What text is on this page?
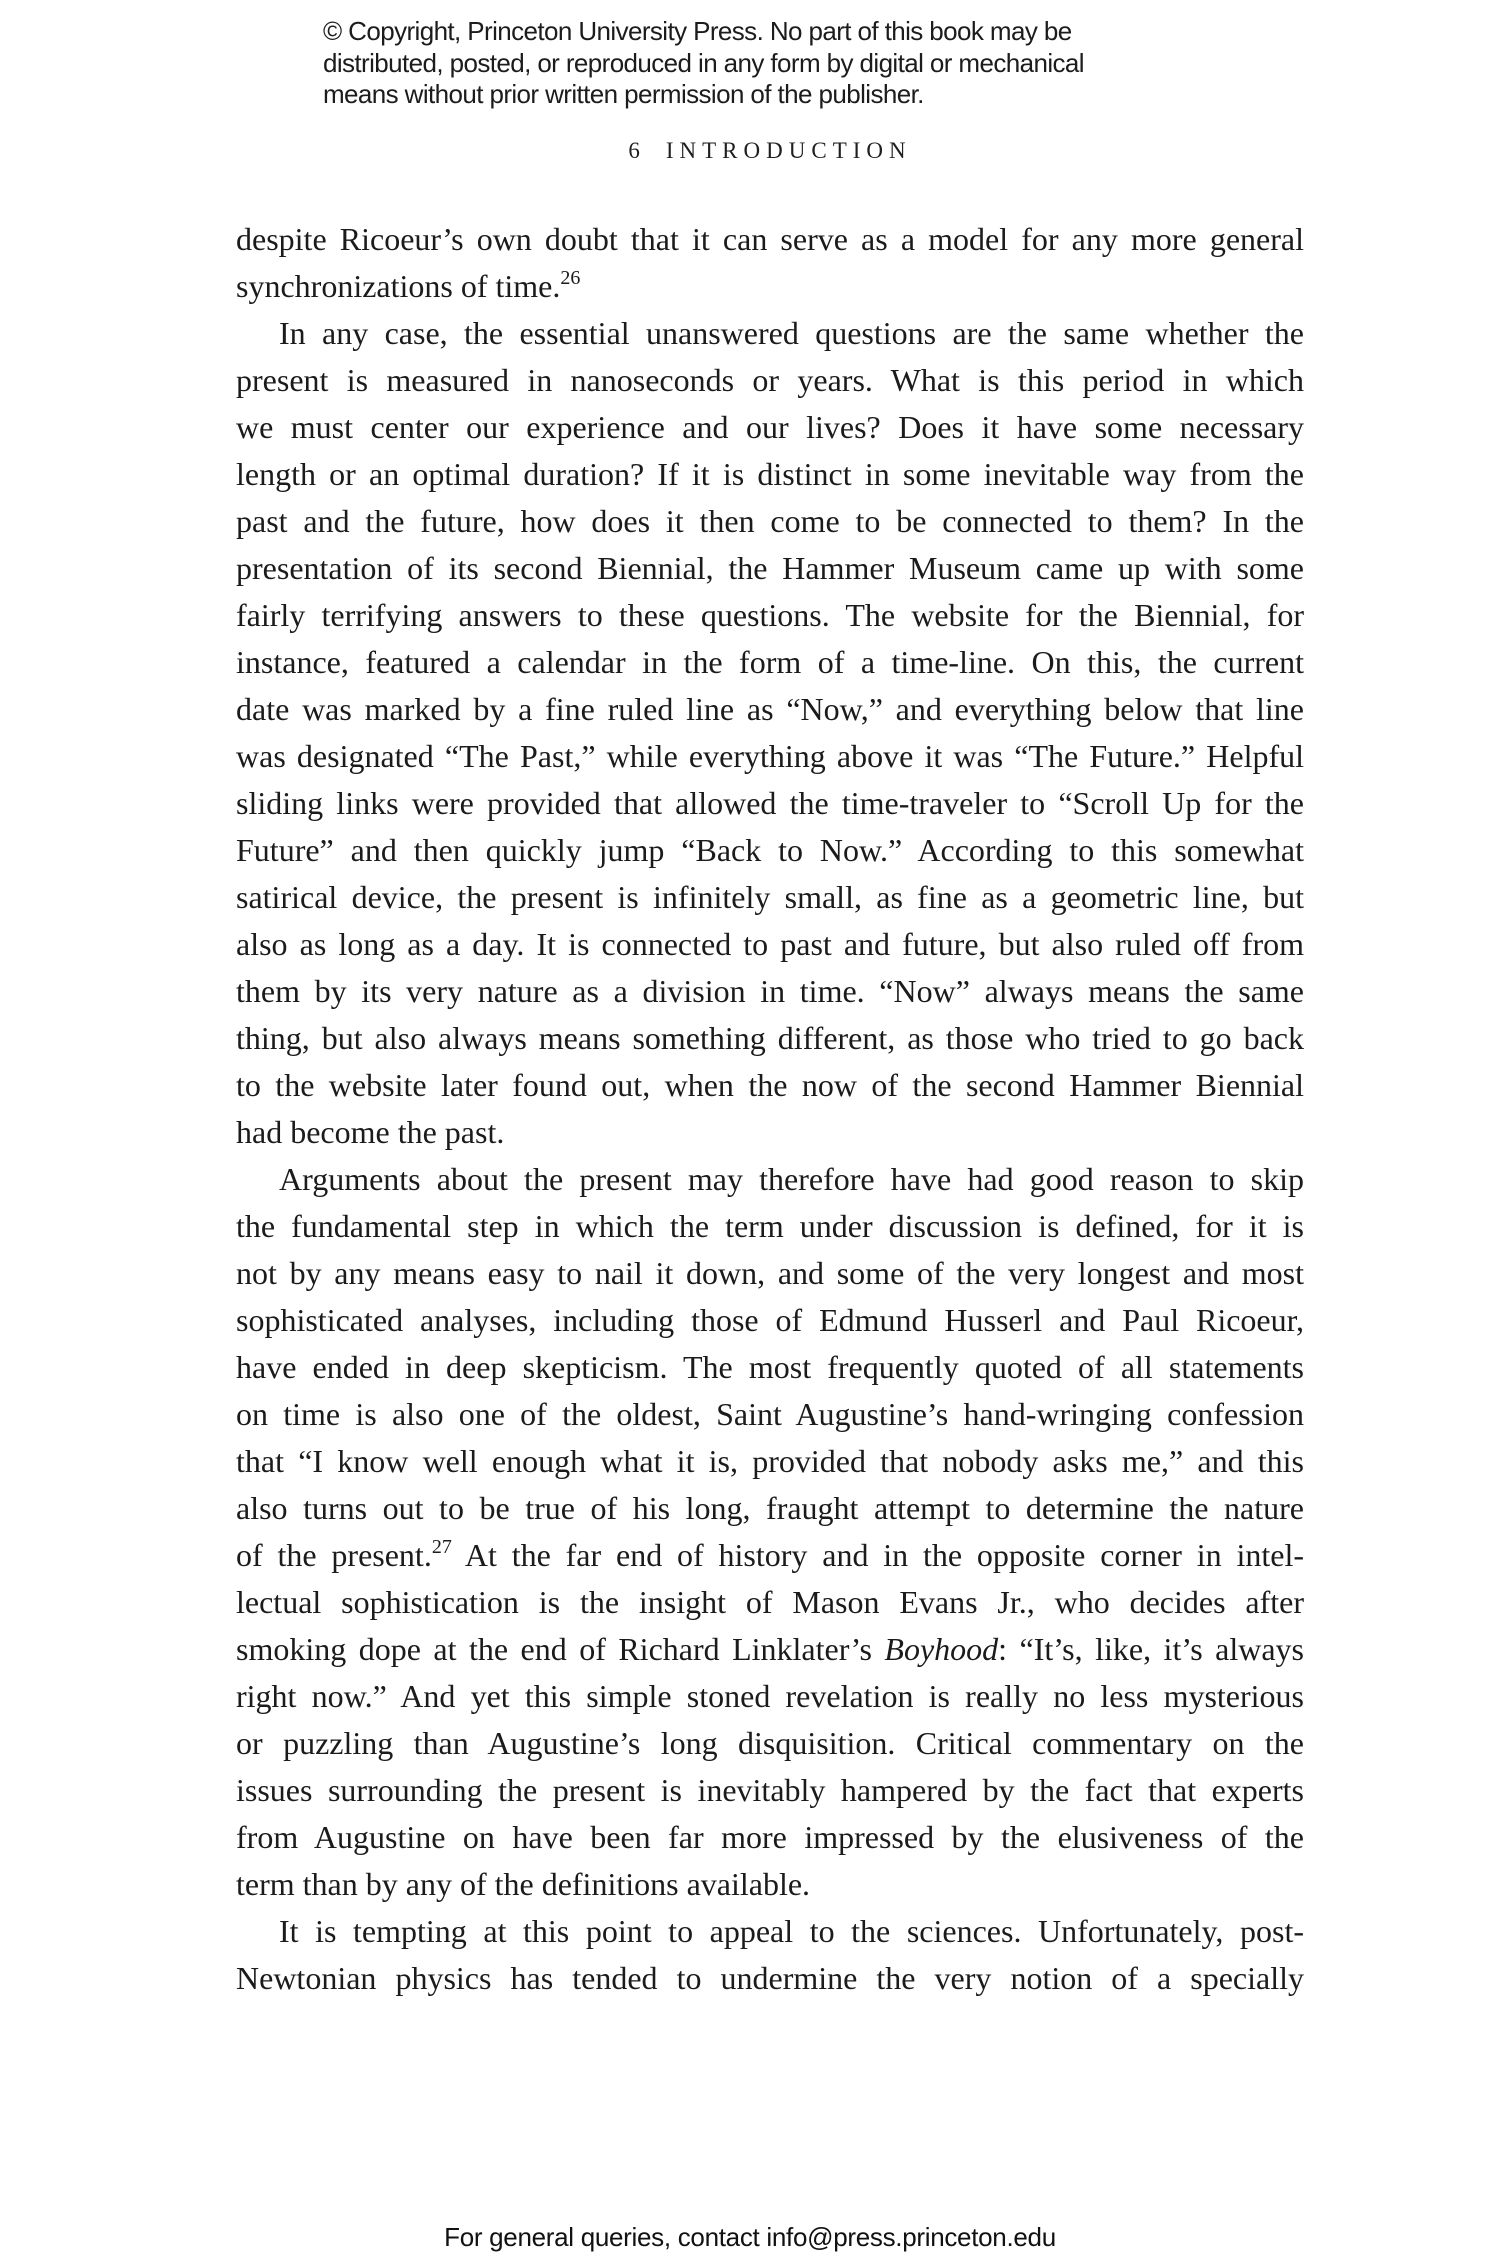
© Copyright, Princeton University Press. No part of this book may be
distributed, posted, or reproduced in any form by digital or mechanical
means without prior written permission of the publisher.
6 INTRODUCTION
despite Ricoeur’s own doubt that it can serve as a model for any more general
synchronizations of time.$^{26}$
In any case, the essential unanswered questions are the same whether the
present is measured in nanoseconds or years. What is this period in which
we must center our experience and our lives? Does it have some necessary
length or an optimal duration? If it is distinct in some inevitable way from the
past and the future, how does it then come to be connected to them? In the
presentation of its second Biennial, the Hammer Museum came up with some
fairly terrifying answers to these questions. The website for the Biennial, for
instance, featured a calendar in the form of a time-line. On this, the current
date was marked by a fine ruled line as “Now,” and everything below that line
was designated “The Past,” while everything above it was “The Future.” Helpful
sliding links were provided that allowed the time-traveler to “Scroll Up for the
Future” and then quickly jump “Back to Now.” According to this somewhat
satirical device, the present is infinitely small, as fine as a geometric line, but
also as long as a day. It is connected to past and future, but also ruled off from
them by its very nature as a division in time. “Now” always means the same
thing, but also always means something different, as those who tried to go back
to the website later found out, when the now of the second Hammer Biennial
had become the past.
Arguments about the present may therefore have had good reason to skip
the fundamental step in which the term under discussion is defined, for it is
not by any means easy to nail it down, and some of the very longest and most
sophisticated analyses, including those of Edmund Husserl and Paul Ricoeur,
have ended in deep skepticism. The most frequently quoted of all statements
on time is also one of the oldest, Saint Augustine’s hand-wringing confession
that “I know well enough what it is, provided that nobody asks me,” and this
also turns out to be true of his long, fraught attempt to determine the nature
of the present.$^{27}$ At the far end of history and in the opposite corner in intel-
lectual sophistication is the insight of Mason Evans Jr., who decides after
smoking dope at the end of Richard Linklater’s Boyhood: “It’s, like, it’s always
right now.” And yet this simple stoned revelation is really no less mysterious
or puzzling than Augustine’s long disquisition. Critical commentary on the
issues surrounding the present is inevitably hampered by the fact that experts
from Augustine on have been far more impressed by the elusiveness of the
term than by any of the definitions available.
It is tempting at this point to appeal to the sciences. Unfortunately, post-
Newtonian physics has tended to undermine the very notion of a specially
For general queries, contact info@press.princeton.edu
